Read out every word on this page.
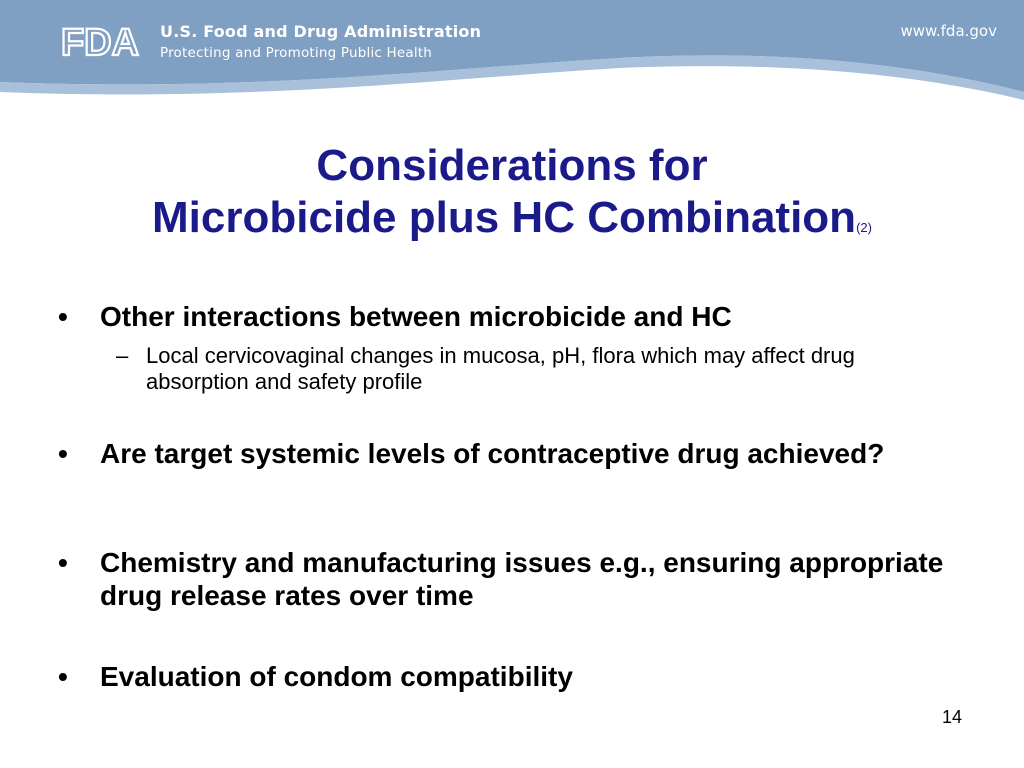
FDA U.S. Food and Drug Administration
Protecting and Promoting Public Health
www.fda.gov
Considerations for
Microbicide plus HC Combination(2)
•	Other interactions between microbicide and HC
– Local cervicovaginal changes in mucosa, pH, flora which may affect drug absorption and safety profile
•	Are target systemic levels of contraceptive drug achieved?
•	Chemistry and manufacturing issues e.g., ensuring appropriate drug release rates over time
•	Evaluation of condom compatibility
14
